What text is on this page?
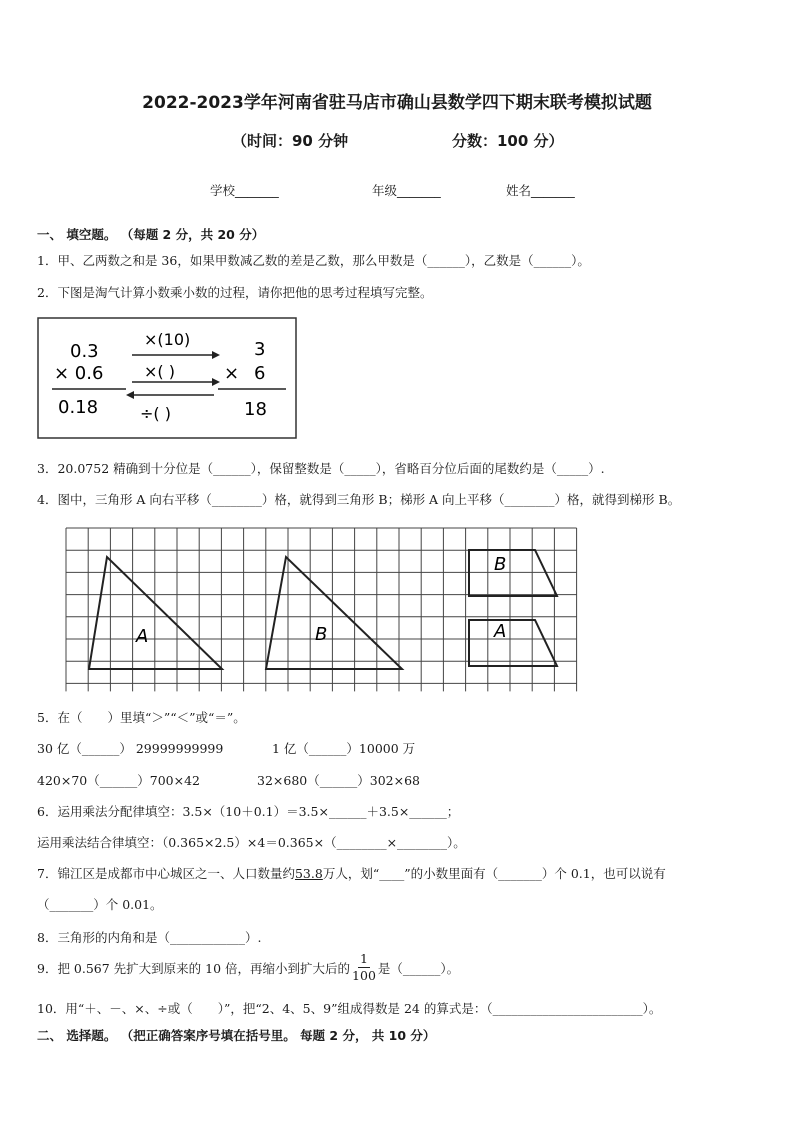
2022-2023学年河南省驻马店市确山县数学四下期末联考模拟试题
（时间：90 分钟	分数：100 分）
学校_______	年级_______	姓名_______
一、 填空题。 （每题 2 分，共 20 分）
1．甲、乙两数之和是 36，如果甲数减乙数的差是乙数，那么甲数是（______），乙数是（______）。
2．下图是淘气计算小数乘小数的过程，请你把他的思考过程填写完整。
0.3
× 0.6
0.18
×(10)
×( )
÷( )
3
× 6
18
3．20.0752 精确到十分位是（______），保留整数是（_____），省略百分位后面的尾数约是（_____）.
4．图中，三角形 A 向右平移（________）格，就得到三角形 B；梯形 A 向上平移（________）格，就得到梯形 B。
A	B
B
A
5．在（　　）里填“＞”“＜”或“＝”。
30 亿（______） 29999999999	1 亿（______）10000 万
420×70（______）700×42	32×680（______）302×68
6．运用乘法分配律填空：3.5×（10＋0.1）＝3.5×______＋3.5×______；
运用乘法结合律填空：（0.365×2.5）×4＝0.365×（________×________）。
7．锦江区是成都市中心城区之一、人口数量约53.8万人，划“____”的小数里面有（_______）个 0.1，也可以说有
（_______）个 0.01。
8．三角形的内角和是（____________）.
9．把 0.567 先扩大到原来的 10 倍，再缩小到扩大后的 $\frac{1}{100}$ 是（______）。
10．用“＋、－、×、÷或（　　）”，把“2、4、5、9”组成得数是 24 的算式是：（________________________）。
二、 选择题。 （把正确答案序号填在括号里。 每题 2 分， 共 10 分）
